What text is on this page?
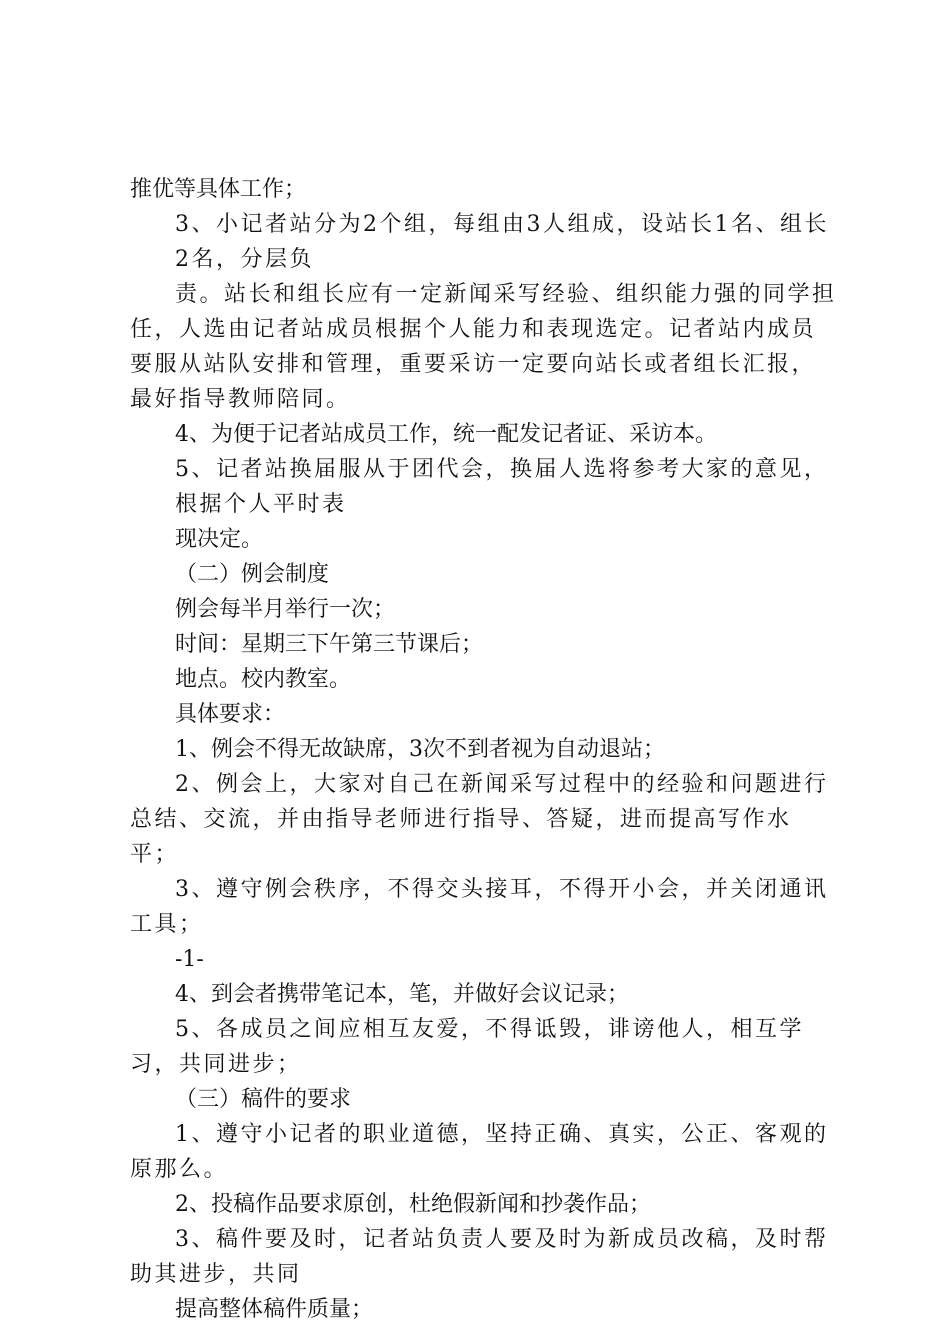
推优等具体工作；
3、小记者站分为2个组，每组由3人组成，设站长1名、组长2名，分层负
责。站长和组长应有一定新闻采写经验、组织能力强的同学担任，人选由记者站成员根据个人能力和表现选定。记者站内成员要服从站队安排和管理，重要采访一定要向站长或者组长汇报，最好指导教师陪同。
4、为便于记者站成员工作，统一配发记者证、采访本。
5、记者站换届服从于团代会，换届人选将参考大家的意见，根据个人平时表
现决定。
（二）例会制度
例会每半月举行一次；
时间：星期三下午第三节课后；
地点。校内教室。
具体要求：
1、例会不得无故缺席，3次不到者视为自动退站；
2、例会上，大家对自己在新闻采写过程中的经验和问题进行总结、交流，并由指导老师进行指导、答疑，进而提高写作水平；
3、遵守例会秩序，不得交头接耳，不得开小会，并关闭通讯工具；
-1-
4、到会者携带笔记本，笔，并做好会议记录；
5、各成员之间应相互友爱，不得诋毁，诽谤他人，相互学习，共同进步；
（三）稿件的要求
1、遵守小记者的职业道德，坚持正确、真实，公正、客观的原那么。
2、投稿作品要求原创，杜绝假新闻和抄袭作品；
3、稿件要及时，记者站负责人要及时为新成员改稿，及时帮助其进步，共同
提高整体稿件质量；
